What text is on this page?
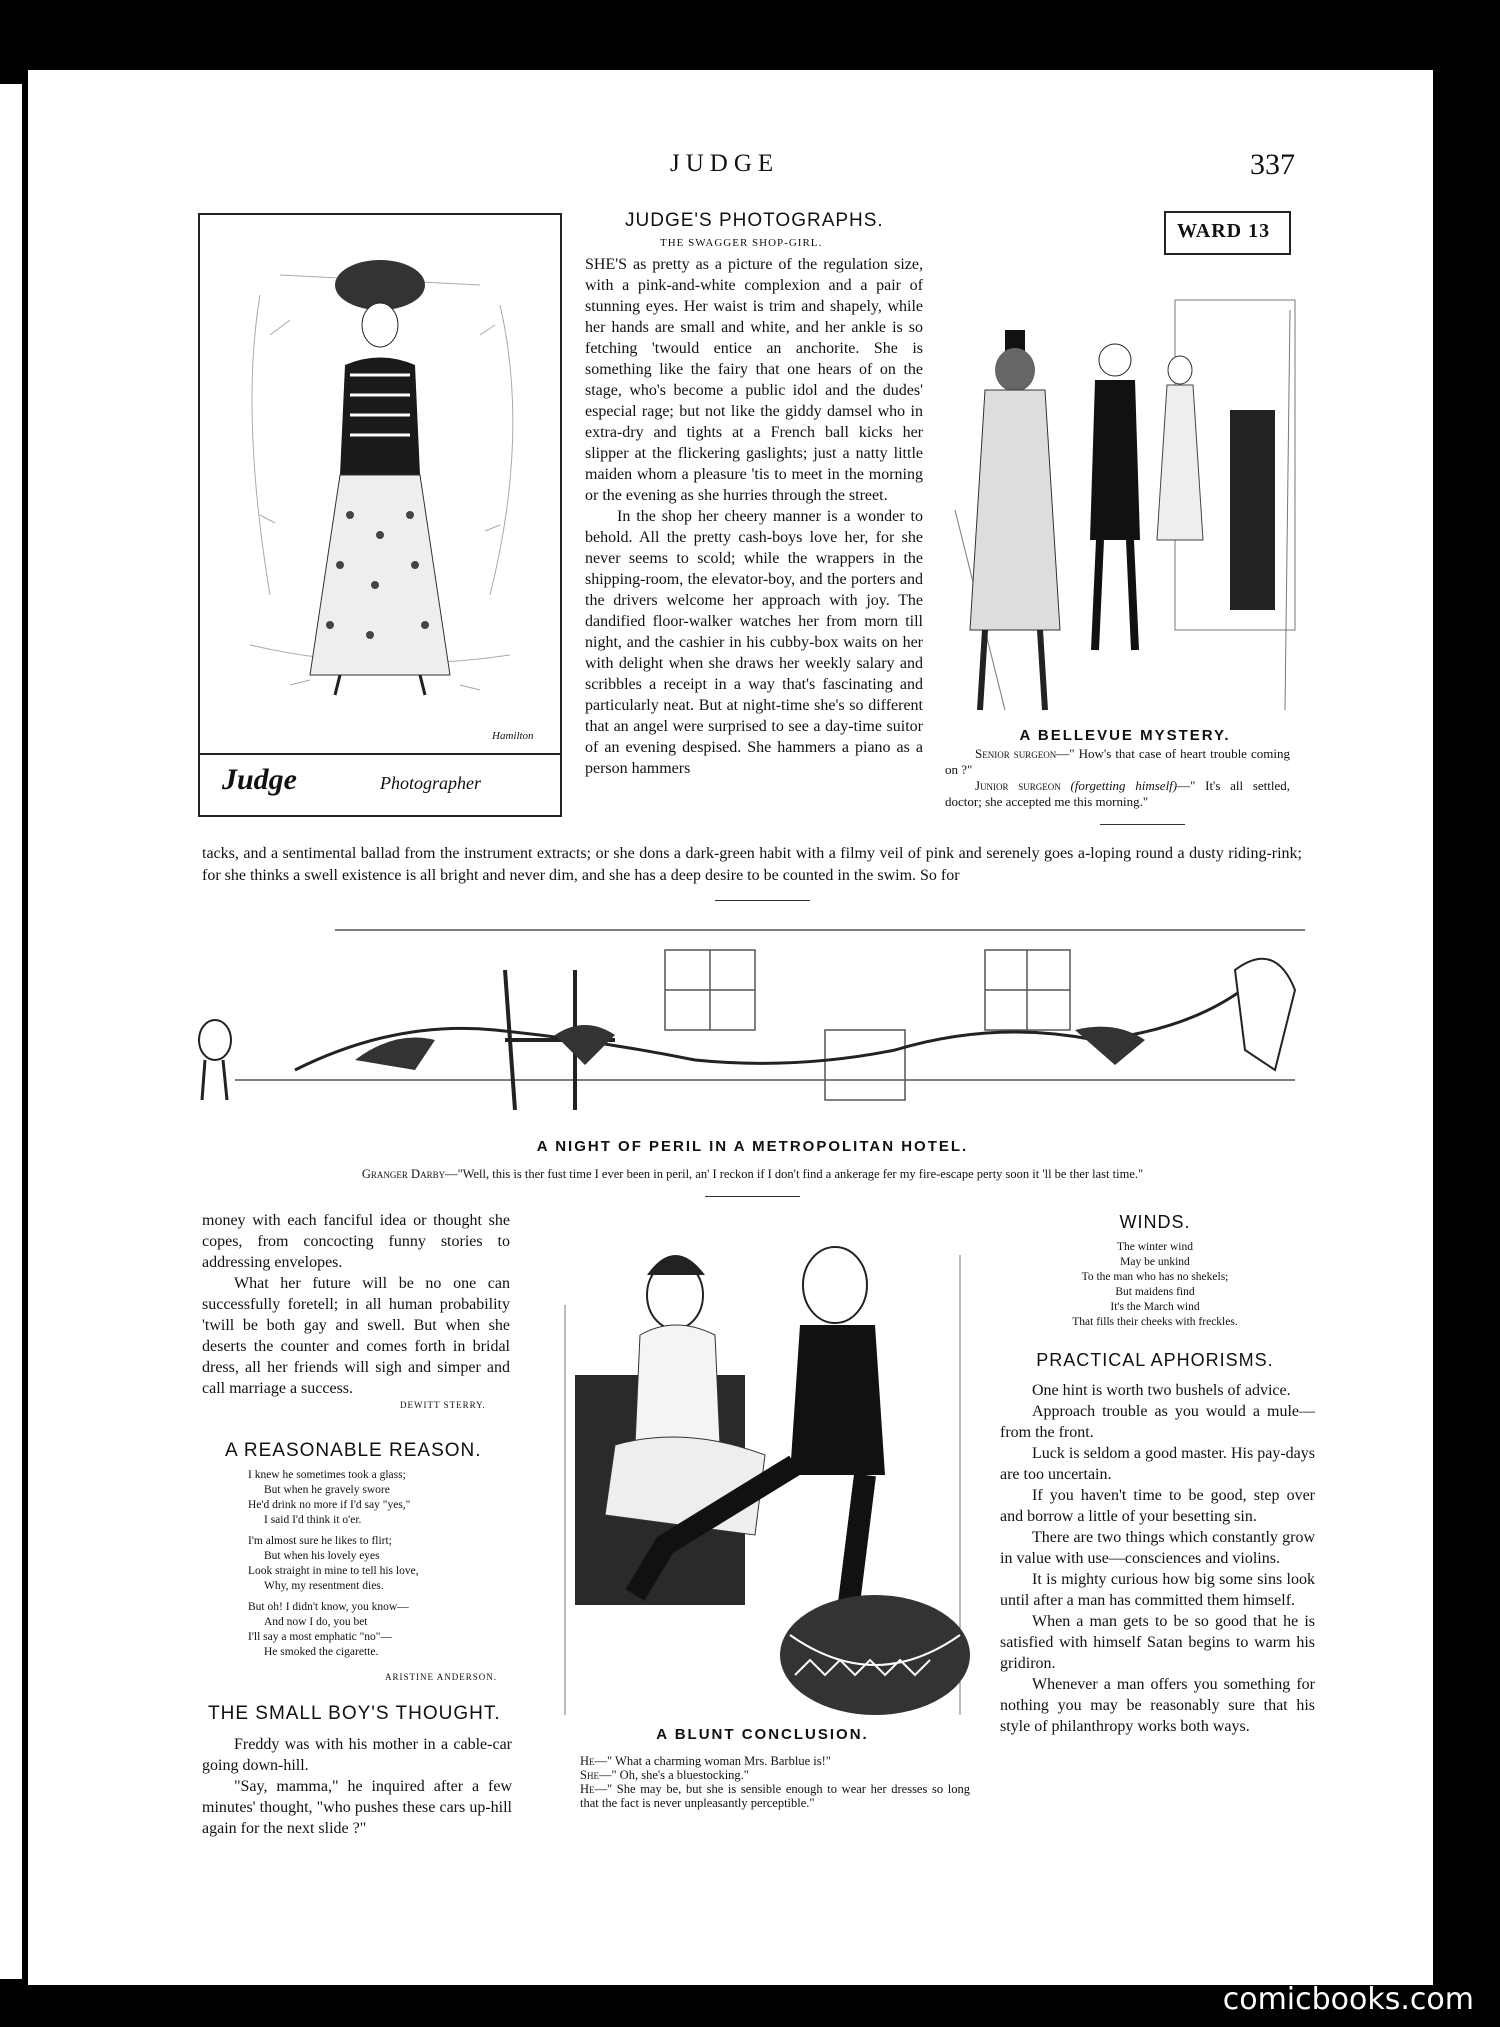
JUDGE	337
Hamilton
Judge	Photographer
JUDGE'S PHOTOGRAPHS.
THE SWAGGER SHOP-GIRL.

SHE'S as pretty as a picture of the regulation size, with a pink-and-white complexion and a pair of stunning eyes. Her waist is trim and shapely, while her hands are small and white, and her ankle is so fetching 'twould entice an anchorite. She is something like the fairy that one hears of on the stage, who's become a public idol and the dudes' especial rage; but not like the giddy damsel who in extra-dry and tights at a French ball kicks her slipper at the flickering gaslights; just a natty little maiden whom a pleasure 'tis to meet in the morning or the evening as she hurries through the street.

In the shop her cheery manner is a wonder to behold. All the pretty cash-boys love her, for she never seems to scold; while the wrappers in the shipping-room, the elevator-boy, and the porters and the drivers welcome her approach with joy. The dandified floor-walker watches her from morn till night, and the cashier in his cubby-box waits on her with delight when she draws her weekly salary and scribbles a receipt in a way that's fascinating and particularly neat. But at night-time she's so different that an angel were surprised to see a day-time suitor of an evening despised. She hammers a piano as a person hammers

WARD 13
A BELLEVUE MYSTERY.
Senior surgeon—" How's that case of heart trouble coming on ?"
Junior surgeon (forgetting himself)—" It's all settled, doctor; she accepted me this morning."
tacks, and a sentimental ballad from the instrument extracts; or she dons a dark-green habit with a filmy veil of pink and serenely goes a-loping round a dusty riding-rink; for she thinks a swell existence is all bright and never dim, and she has a deep desire to be counted in the swim. So for
A NIGHT OF PERIL IN A METROPOLITAN HOTEL.
Granger Darby—"Well, this is ther fust time I ever been in peril, an' I reckon if I don't find a ankerage fer my fire-escape perty soon it 'll be ther last time."

money with each fanciful idea or thought she copes, from concocting funny stories to addressing envelopes.

What her future will be no one can successfully foretell; in all human probability 'twill be both gay and swell. But when she deserts the counter and comes forth in bridal dress, all her friends will sigh and simper and call marriage a success.

DEWITT STERRY.
A REASONABLE REASON.
I knew he sometimes took a glass;
But when he gravely swore
He'd drink no more if I'd say "yes,"
I said I'd think it o'er.
I'm almost sure he likes to flirt;
But when his lovely eyes
Look straight in mine to tell his love,
Why, my resentment dies.
But oh! I didn't know, you know—
And now I do, you bet
I'll say a most emphatic "no"—
He smoked the cigarette.
ARISTINE ANDERSON.
THE SMALL BOY'S THOUGHT.

Freddy was with his mother in a cable-car going down-hill.

"Say, mamma," he inquired after a few minutes' thought, "who pushes these cars up-hill again for the next slide ?"

A BLUNT CONCLUSION.
He—" What a charming woman Mrs. Barblue is!"
She—" Oh, she's a bluestocking."
He—" She may be, but she is sensible enough to wear her dresses so long that the fact is never unpleasantly perceptible."
WINDS.
The winter wind
May be unkind
To the man who has no shekels;
But maidens find
It's the March wind
That fills their cheeks with freckles.
PRACTICAL APHORISMS.

One hint is worth two bushels of advice.

Approach trouble as you would a mule—from the front.

Luck is seldom a good master. His pay-days are too uncertain.

If you haven't time to be good, step over and borrow a little of your besetting sin.

There are two things which constantly grow in value with use—consciences and violins.

It is mighty curious how big some sins look until after a man has committed them himself.

When a man gets to be so good that he is satisfied with himself Satan begins to warm his gridiron.

Whenever a man offers you something for nothing you may be reasonably sure that his style of philanthropy works both ways.

comicbooks.com
